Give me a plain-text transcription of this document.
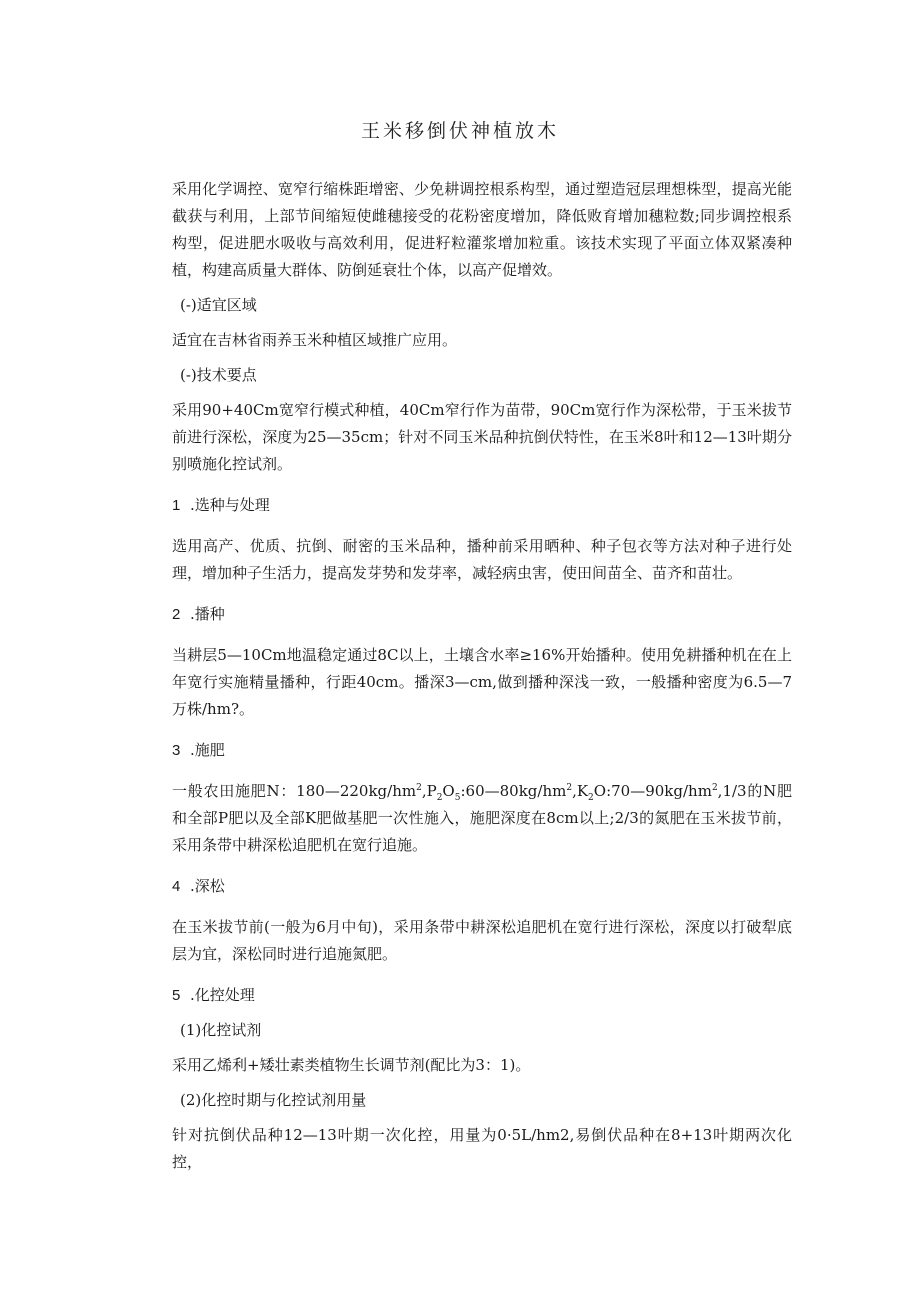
王米移倒伏神植放木

采用化学调控、宽窄行缩株距增密、少免耕调控根系构型，通过塑造冠层理想株型，提高光能截获与利用，上部节间缩短使雌穗接受的花粉密度增加，降低败育增加穗粒数;同步调控根系构型，促进肥水吸收与高效利用，促进籽粒灌浆增加粒重。该技术实现了平面立体双紧凑种植，构建高质量大群体、防倒延衰壮个体，以高产促增效。

(-)适宜区域

适宜在吉林省雨养玉米种植区域推广应用。

(-)技术要点

采用90+40Cm宽窄行模式种植，40Cm窄行作为苗带，90Cm宽行作为深松带，于玉米拔节前进行深松，深度为25—35cm；针对不同玉米品种抗倒伏特性，在玉米8叶和12—13叶期分别喷施化控试剂。

1 .选种与处理

选用高产、优质、抗倒、耐密的玉米品种，播种前采用晒种、种子包衣等方法对种子进行处理，增加种子生活力，提高发芽势和发芽率，减轻病虫害，使田间苗全、苗齐和苗壮。

2 .播种

当耕层5—10Cm地温稳定通过8C以上，土壤含水率≥16%开始播种。使用免耕播种机在在上年宽行实施精量播种，行距40cm。播深3—cm,做到播种深浅一致，一般播种密度为6.5—7万株/hm?。

3 .施肥

一般农田施肥N：$180—220kg/hm^2,P_2O_5:60—80kg/hm^2,K_2O:70—90kg/hm^2,1/3$的N肥和全部P肥以及全部K肥做基肥一次性施入，施肥深度在8cm以上;2/3的氮肥在玉米拔节前，采用条带中耕深松追肥机在宽行追施。

4 .深松

在玉米拔节前(一般为6月中旬)，采用条带中耕深松追肥机在宽行进行深松，深度以打破犁底层为宜，深松同时进行追施氮肥。

5 .化控处理

(1)化控试剂

采用乙烯利+矮壮素类植物生长调节剂(配比为3：1)。

(2)化控时期与化控试剂用量

针对抗倒伏品种12—13叶期一次化控，用量为0·5L/hm2,易倒伏品种在8+13叶期两次化控，
